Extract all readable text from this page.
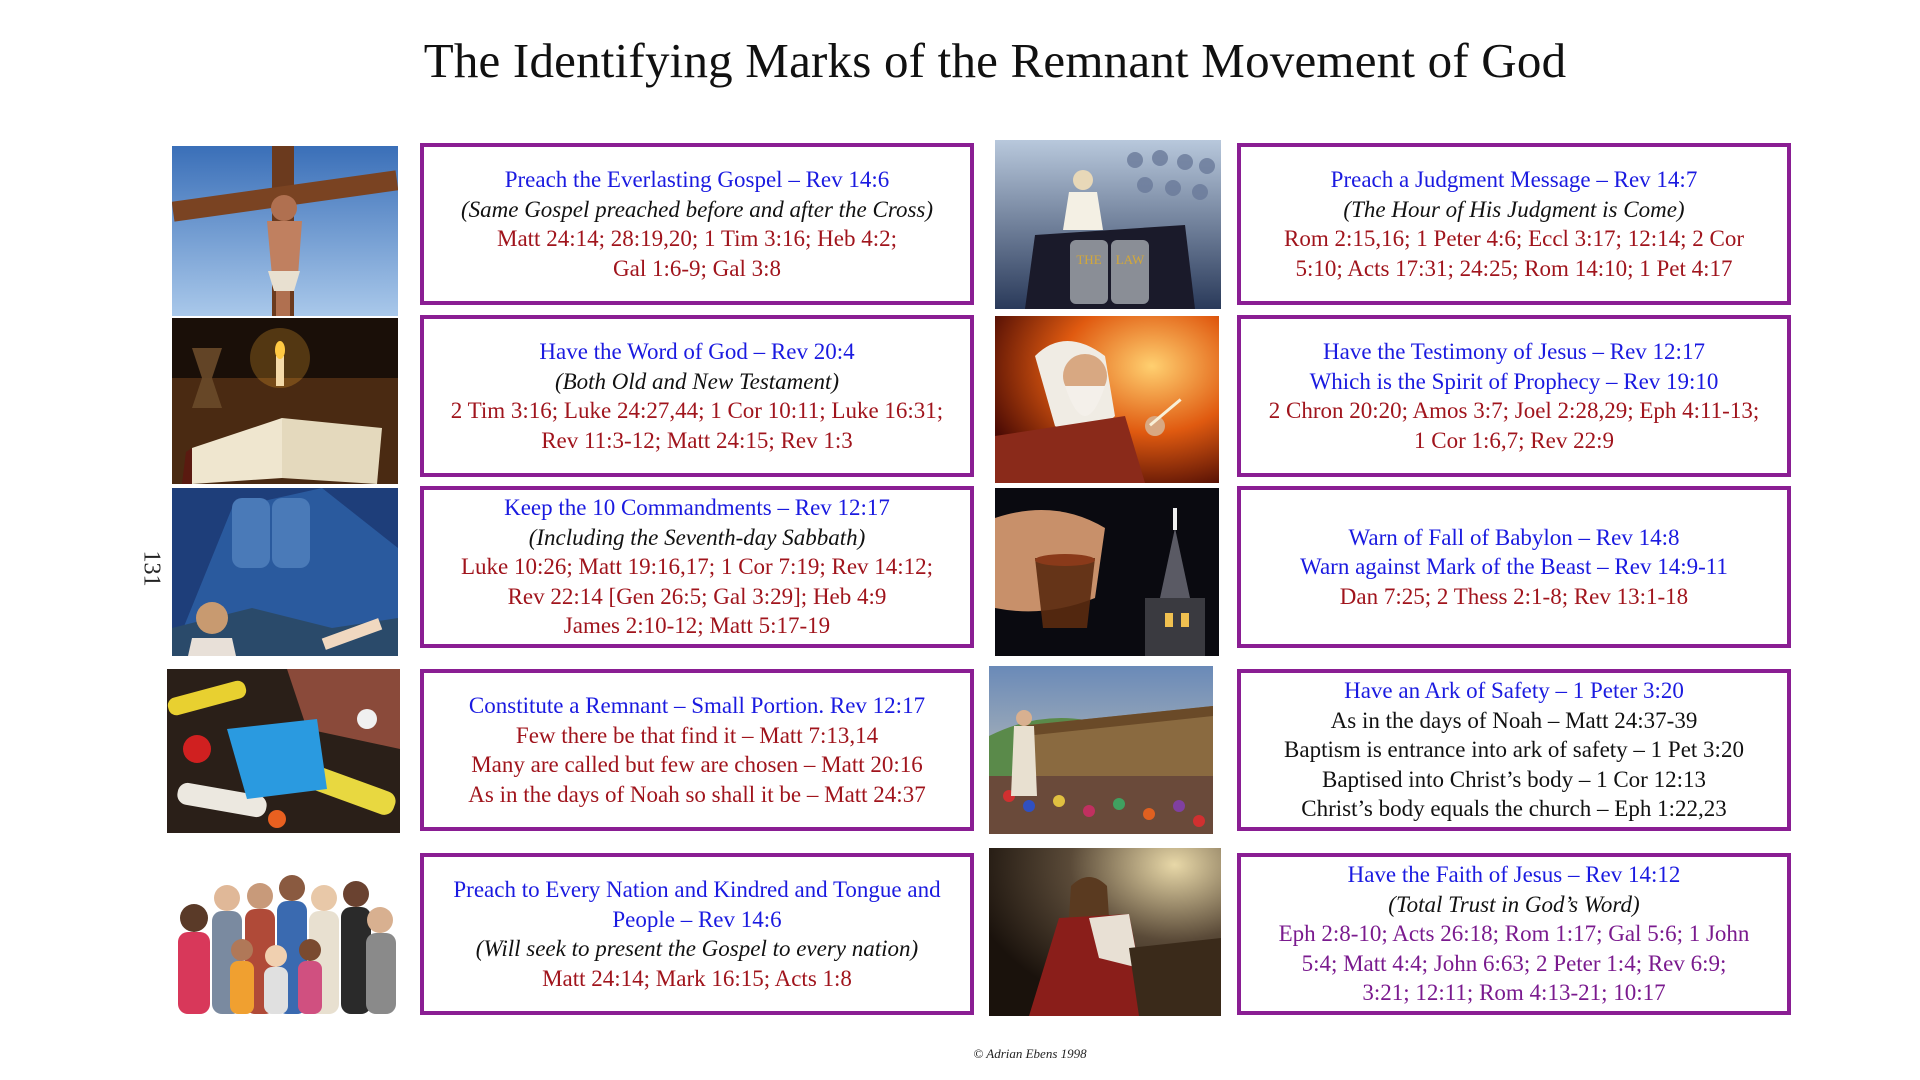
The Identifying Marks of the Remnant Movement of God
131
THE LAW
Preach the Everlasting Gospel – Rev 14:6
(Same Gospel preached before and after the Cross)
Matt 24:14; 28:19,20; 1 Tim 3:16; Heb 4:2;
Gal 1:6-9; Gal 3:8
Have the Word of God – Rev 20:4
(Both Old and New Testament)
2 Tim 3:16; Luke 24:27,44; 1 Cor 10:11; Luke 16:31;
Rev 11:3-12; Matt 24:15; Rev 1:3
Keep the 10 Commandments – Rev 12:17
(Including the Seventh-day Sabbath)
Luke 10:26; Matt 19:16,17; 1 Cor 7:19; Rev 14:12;
Rev 22:14 [Gen 26:5; Gal 3:29]; Heb 4:9
James 2:10-12; Matt 5:17-19
Constitute a Remnant – Small Portion. Rev 12:17
Few there be that find it – Matt 7:13,14
Many are called but few are chosen – Matt 20:16
As in the days of Noah so shall it be – Matt 24:37
Preach to Every Nation and Kindred and Tongue and
People – Rev 14:6
(Will seek to present the Gospel to every nation)
Matt 24:14; Mark 16:15; Acts 1:8
Preach a Judgment Message – Rev 14:7
(The Hour of His Judgment is Come)
Rom 2:15,16; 1 Peter 4:6; Eccl 3:17; 12:14; 2 Cor
5:10; Acts 17:31; 24:25; Rom 14:10; 1 Pet 4:17
Have the Testimony of Jesus – Rev 12:17
Which is the Spirit of Prophecy – Rev 19:10
2 Chron 20:20; Amos 3:7; Joel 2:28,29; Eph 4:11-13;
1 Cor 1:6,7; Rev 22:9
Warn of Fall of Babylon – Rev 14:8
Warn against Mark of the Beast – Rev 14:9-11
Dan 7:25; 2 Thess 2:1-8; Rev 13:1-18
Have an Ark of Safety – 1 Peter 3:20
As in the days of Noah – Matt 24:37-39
Baptism is entrance into ark of safety – 1 Pet 3:20
Baptised into Christ’s body – 1 Cor 12:13
Christ’s body equals the church – Eph 1:22,23
Have the Faith of Jesus – Rev 14:12
(Total Trust in God’s Word)
Eph 2:8-10; Acts 26:18; Rom 1:17; Gal 5:6; 1 John
5:4; Matt 4:4; John 6:63; 2 Peter 1:4; Rev 6:9;
3:21; 12:11; Rom 4:13-21; 10:17
© Adrian Ebens 1998
